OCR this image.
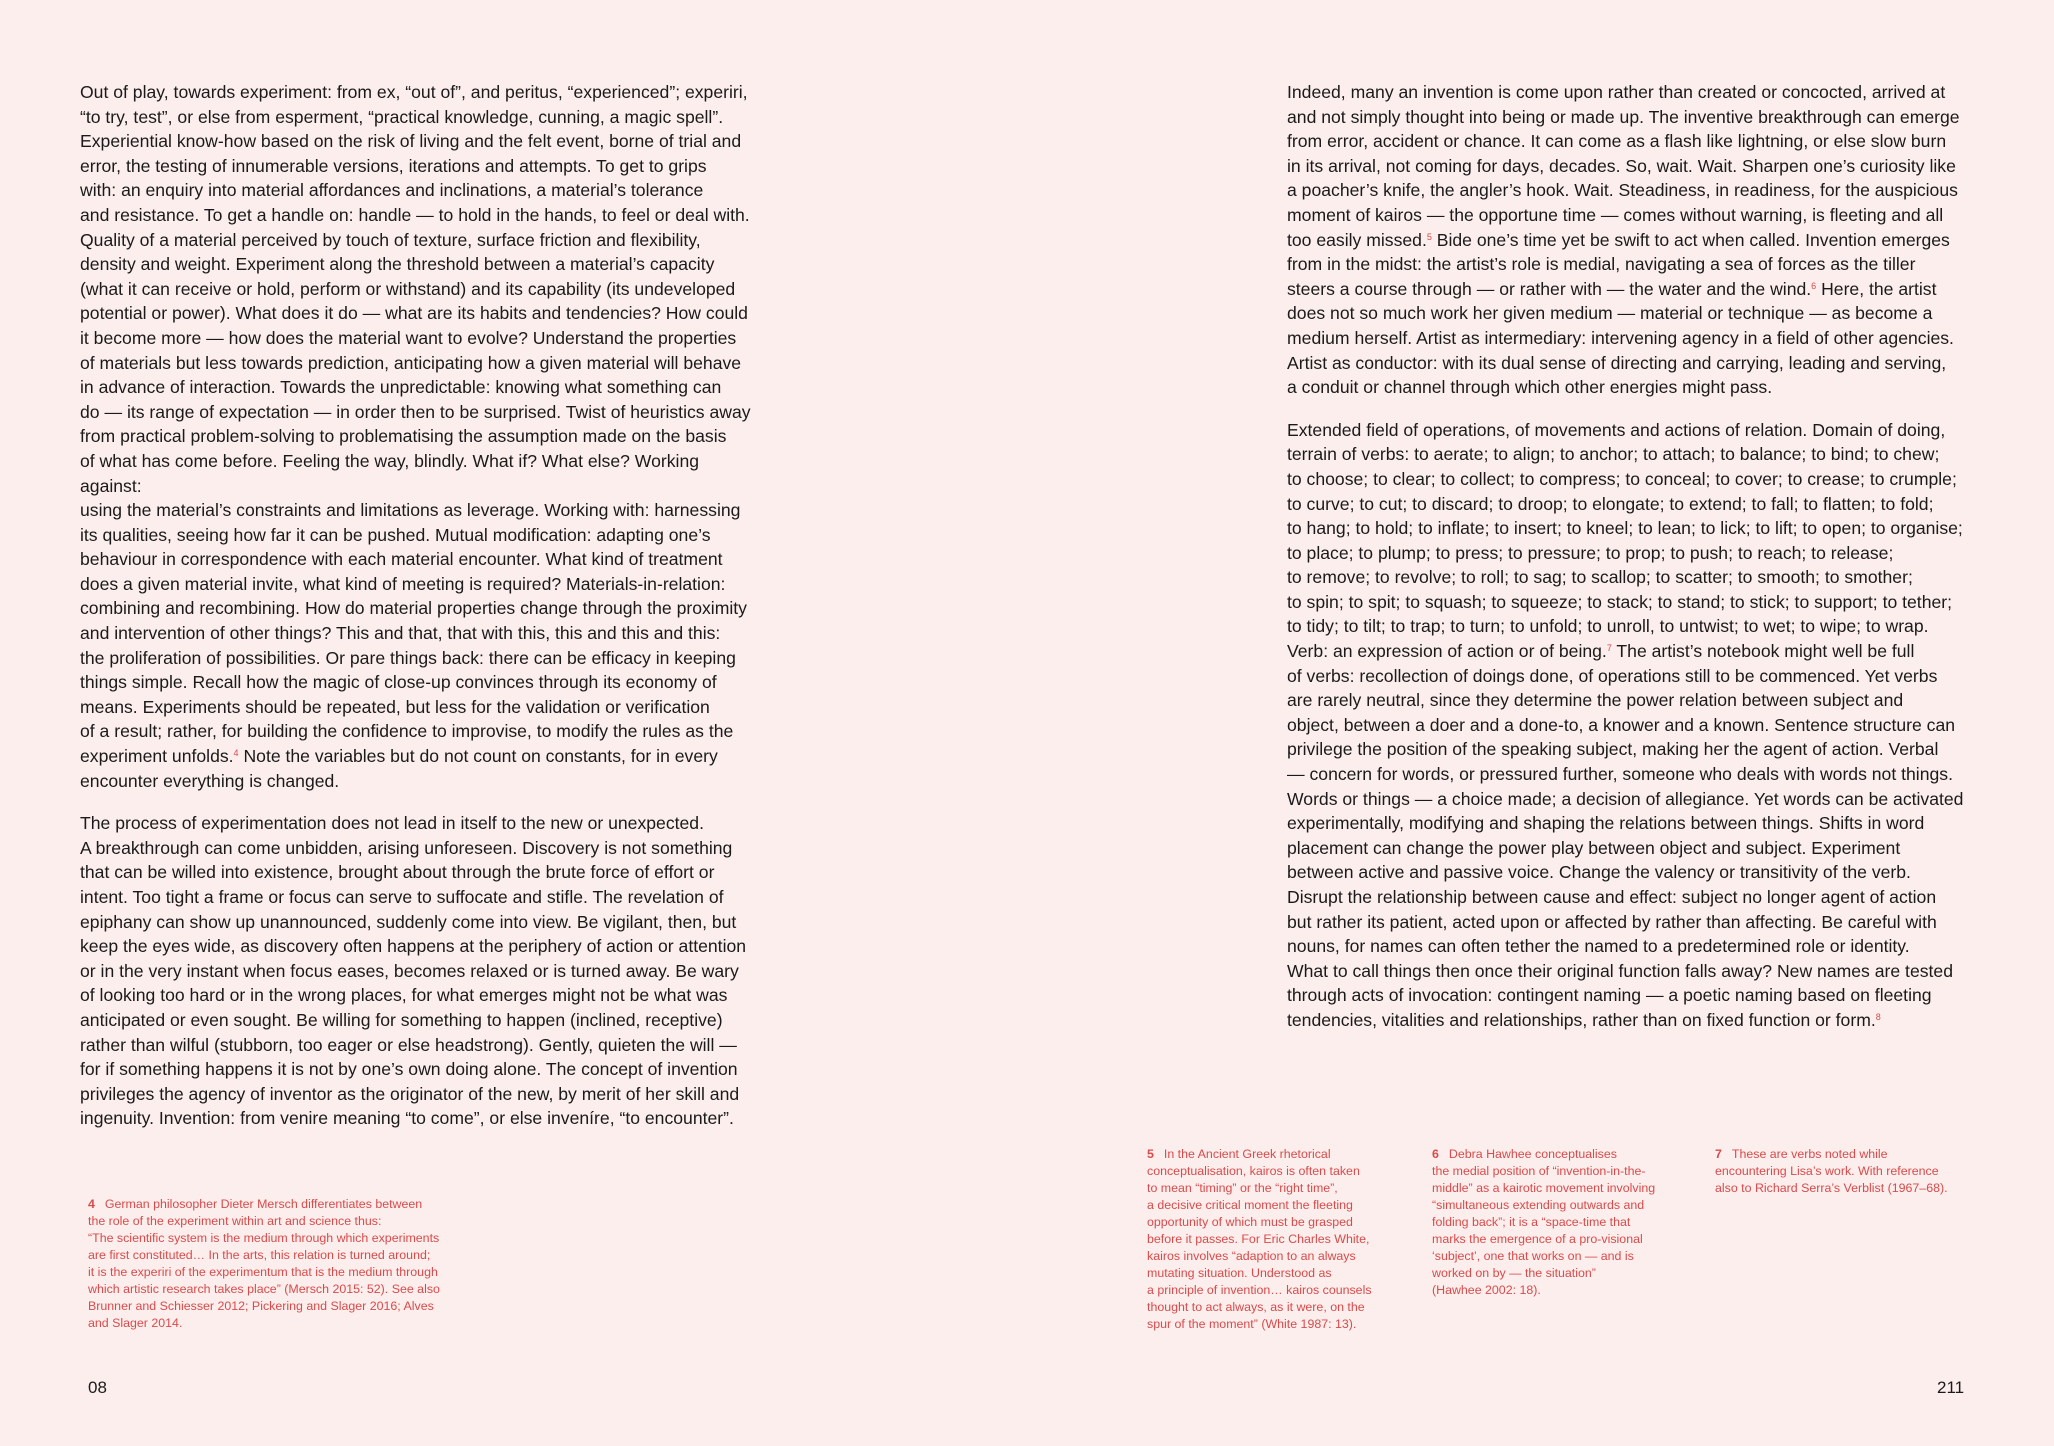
Out of play, towards experiment: from ex, “out of”, and peritus, “experienced”; experiri,
“to try, test”, or else from esperment, “practical knowledge, cunning, a magic spell”.
Experiential know-how based on the risk of living and the felt event, borne of trial and
error, the testing of innumerable versions, iterations and attempts. To get to grips
with: an enquiry into material affordances and inclinations, a material’s tolerance
and resistance. To get a handle on: handle — to hold in the hands, to feel or deal with.
Quality of a material perceived by touch of texture, surface friction and flexibility,
density and weight. Experiment along the threshold between a material’s capacity
(what it can receive or hold, perform or withstand) and its capability (its undeveloped
potential or power). What does it do — what are its habits and tendencies? How could
it become more — how does the material want to evolve? Understand the properties
of materials but less towards prediction, anticipating how a given material will behave
in advance of interaction. Towards the unpredictable: knowing what something can
do — its range of expectation — in order then to be surprised. Twist of heuristics away
from practical problem-solving to problematising the assumption made on the basis
of what has come before. Feeling the way, blindly. What if? What else? Working against:
using the material’s constraints and limitations as leverage. Working with: harnessing
its qualities, seeing how far it can be pushed. Mutual modification: adapting one’s
behaviour in correspondence with each material encounter. What kind of treatment
does a given material invite, what kind of meeting is required? Materials-in-relation:
combining and recombining. How do material properties change through the proximity
and intervention of other things? This and that, that with this, this and this and this:
the proliferation of possibilities. Or pare things back: there can be efficacy in keeping
things simple. Recall how the magic of close-up convinces through its economy of
means. Experiments should be repeated, but less for the validation or verification
of a result; rather, for building the confidence to improvise, to modify the rules as the
experiment unfolds.$^4$ Note the variables but do not count on constants, for in every
encounter everything is changed.

The process of experimentation does not lead in itself to the new or unexpected.
A breakthrough can come unbidden, arising unforeseen. Discovery is not something
that can be willed into existence, brought about through the brute force of effort or
intent. Too tight a frame or focus can serve to suffocate and stifle. The revelation of
epiphany can show up unannounced, suddenly come into view. Be vigilant, then, but
keep the eyes wide, as discovery often happens at the periphery of action or attention
or in the very instant when focus eases, becomes relaxed or is turned away. Be wary
of looking too hard or in the wrong places, for what emerges might not be what was
anticipated or even sought. Be willing for something to happen (inclined, receptive)
rather than wilful (stubborn, too eager or else headstrong). Gently, quieten the will —
for if something happens it is not by one’s own doing alone. The concept of invention
privileges the agency of inventor as the originator of the new, by merit of her skill and
ingenuity. Invention: from venire meaning “to come”, or else inveníre, “to encounter”.

4 German philosopher Dieter Mersch differentiates between
the role of the experiment within art and science thus:
“The scientific system is the medium through which experiments
are first constituted… In the arts, this relation is turned around;
it is the experiri of the experimentum that is the medium through
which artistic research takes place” (Mersch 2015: 52). See also
Brunner and Schiesser 2012; Pickering and Slager 2016; Alves
and Slager 2014.
08

Indeed, many an invention is come upon rather than created or concocted, arrived at
and not simply thought into being or made up. The inventive breakthrough can emerge
from error, accident or chance. It can come as a flash like lightning, or else slow burn
in its arrival, not coming for days, decades. So, wait. Wait. Sharpen one’s curiosity like
a poacher’s knife, the angler’s hook. Wait. Steadiness, in readiness, for the auspicious
moment of kairos — the opportune time — comes without warning, is fleeting and all
too easily missed.$^5$ Bide one’s time yet be swift to act when called. Invention emerges
from in the midst: the artist’s role is medial, navigating a sea of forces as the tiller
steers a course through — or rather with — the water and the wind.$^6$ Here, the artist
does not so much work her given medium — material or technique — as become a
medium herself. Artist as intermediary: intervening agency in a field of other agencies.
Artist as conductor: with its dual sense of directing and carrying, leading and serving,
a conduit or channel through which other energies might pass.

Extended field of operations, of movements and actions of relation. Domain of doing,
terrain of verbs: to aerate; to align; to anchor; to attach; to balance; to bind; to chew;
to choose; to clear; to collect; to compress; to conceal; to cover; to crease; to crumple;
to curve; to cut; to discard; to droop; to elongate; to extend; to fall; to flatten; to fold;
to hang; to hold; to inflate; to insert; to kneel; to lean; to lick; to lift; to open; to organise;
to place; to plump; to press; to pressure; to prop; to push; to reach; to release;
to remove; to revolve; to roll; to sag; to scallop; to scatter; to smooth; to smother;
to spin; to spit; to squash; to squeeze; to stack; to stand; to stick; to support; to tether;
to tidy; to tilt; to trap; to turn; to unfold; to unroll, to untwist; to wet; to wipe; to wrap.
Verb: an expression of action or of being.$^7$ The artist’s notebook might well be full
of verbs: recollection of doings done, of operations still to be commenced. Yet verbs
are rarely neutral, since they determine the power relation between subject and
object, between a doer and a done-to, a knower and a known. Sentence structure can
privilege the position of the speaking subject, making her the agent of action. Verbal
— concern for words, or pressured further, someone who deals with words not things.
Words or things — a choice made; a decision of allegiance. Yet words can be activated
experimentally, modifying and shaping the relations between things. Shifts in word
placement can change the power play between object and subject. Experiment
between active and passive voice. Change the valency or transitivity of the verb.
Disrupt the relationship between cause and effect: subject no longer agent of action
but rather its patient, acted upon or affected by rather than affecting. Be careful with
nouns, for names can often tether the named to a predetermined role or identity.
What to call things then once their original function falls away? New names are tested
through acts of invocation: contingent naming — a poetic naming based on fleeting
tendencies, vitalities and relationships, rather than on fixed function or form.$^8$

5 In the Ancient Greek rhetorical
conceptualisation, kairos is often taken
to mean “timing” or the “right time”,
a decisive critical moment the fleeting
opportunity of which must be grasped
before it passes. For Eric Charles White,
kairos involves “adaption to an always
mutating situation. Understood as
a principle of invention… kairos counsels
thought to act always, as it were, on the
spur of the moment” (White 1987: 13).
6 Debra Hawhee conceptualises
the medial position of “invention-in-the-
middle” as a kairotic movement involving
“simultaneous extending outwards and
folding back”; it is a “space-time that
marks the emergence of a pro-visional
‘subject’, one that works on — and is
worked on by — the situation”
(Hawhee 2002: 18).
7 These are verbs noted while
encountering Lisa’s work. With reference
also to Richard Serra’s Verblist (1967–68).
211
